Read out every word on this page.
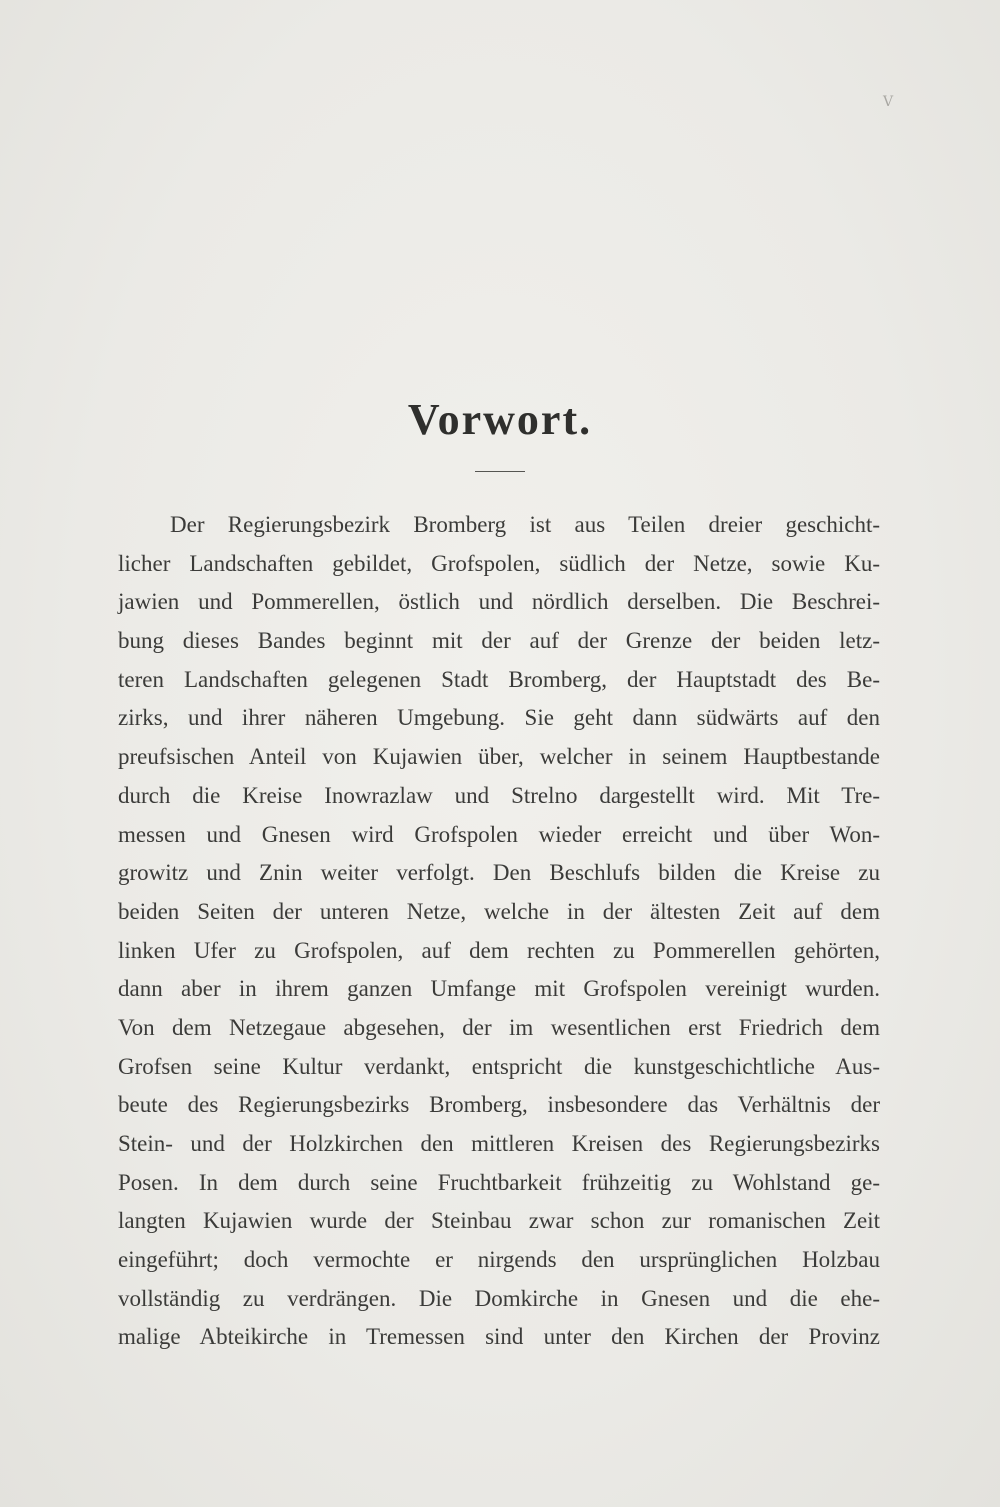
V
Vorwort.
Der Regierungsbezirk Bromberg ist aus Teilen dreier geschicht-
licher Landschaften gebildet, Grofspolen, südlich der Netze, sowie Ku-
jawien und Pommerellen, östlich und nördlich derselben. Die Beschrei-
bung dieses Bandes beginnt mit der auf der Grenze der beiden letz-
teren Landschaften gelegenen Stadt Bromberg, der Hauptstadt des Be-
zirks, und ihrer näheren Umgebung. Sie geht dann südwärts auf den
preufsischen Anteil von Kujawien über, welcher in seinem Hauptbestande
durch die Kreise Inowrazlaw und Strelno dargestellt wird. Mit Tre-
messen und Gnesen wird Grofspolen wieder erreicht und über Won-
growitz und Znin weiter verfolgt. Den Beschlufs bilden die Kreise zu
beiden Seiten der unteren Netze, welche in der ältesten Zeit auf dem
linken Ufer zu Grofspolen, auf dem rechten zu Pommerellen gehörten,
dann aber in ihrem ganzen Umfange mit Grofspolen vereinigt wurden.
Von dem Netzegaue abgesehen, der im wesentlichen erst Friedrich dem
Grofsen seine Kultur verdankt, entspricht die kunstgeschichtliche Aus-
beute des Regierungsbezirks Bromberg, insbesondere das Verhältnis der
Stein- und der Holzkirchen den mittleren Kreisen des Regierungsbezirks
Posen. In dem durch seine Fruchtbarkeit frühzeitig zu Wohlstand ge-
langten Kujawien wurde der Steinbau zwar schon zur romanischen Zeit
eingeführt; doch vermochte er nirgends den ursprünglichen Holzbau
vollständig zu verdrängen. Die Domkirche in Gnesen und die ehe-
malige Abteikirche in Tremessen sind unter den Kirchen der Provinz
